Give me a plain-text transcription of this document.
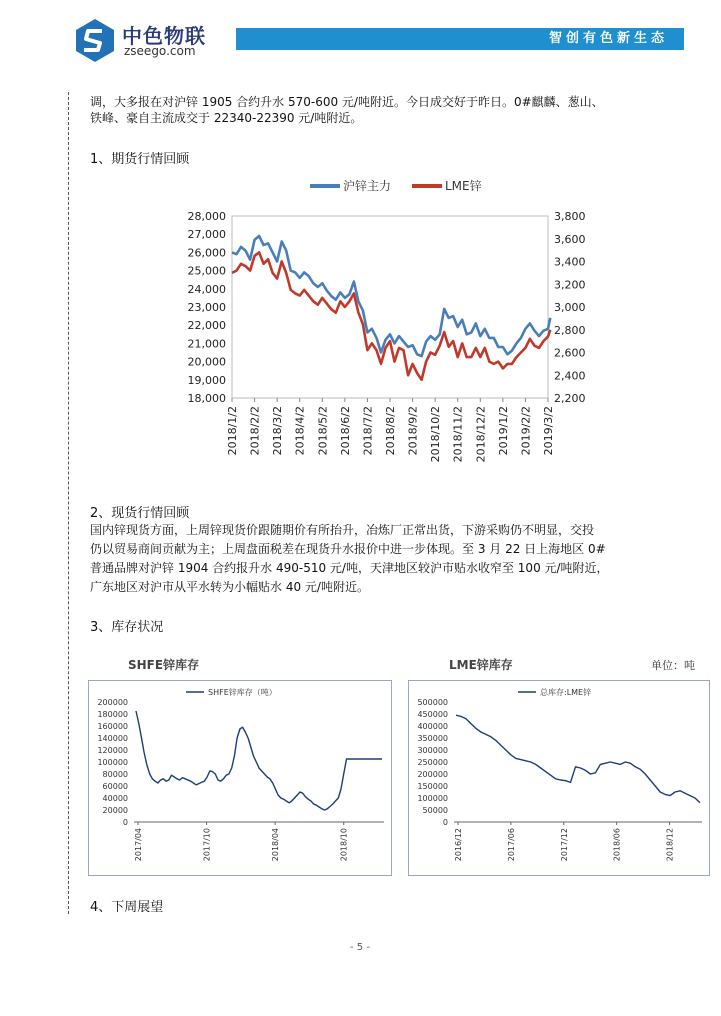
中色物联
zseego.com
智创有色新生态
调，大多报在对沪锌 1905 合约升水 570-600 元/吨附近。今日成交好于昨日。0#麒麟、葱山、
铁峰、豪自主流成交于 22340-22390 元/吨附近。
1、期货行情回顾
沪锌主力	LME锌
18,000
19,000
20,000
21,000
22,000
23,000
24,000
25,000
26,000
27,000
28,000
2,200
2,400
2,600
2,800
3,000
3,200
3,400
3,600
3,800
2018/1/2 2018/2/2 2018/3/2 2018/4/2 2018/5/2 2018/6/2 2018/7/2 2018/8/2 2018/9/2 2018/10/2 2018/11/2 2018/12/2 2019/1/2 2019/2/2 2019/3/2
2、现货行情回顾
国内锌现货方面，上周锌现货价跟随期价有所抬升，冶炼厂正常出货，下游采购仍不明显，交投
仍以贸易商间贡献为主；上周盘面税差在现货升水报价中进一步体现。至 3 月 22 日上海地区 0#
普通品牌对沪锌 1904 合约报升水 490-510 元/吨，天津地区较沪市贴水收窄至 100 元/吨附近，
广东地区对沪市从平水转为小幅贴水 40 元/吨附近。
3、库存状况
SHFE锌库存	LME锌库存	单位：吨
SHFE锌库存（吨）
0
20000
40000
60000
80000
100000
120000
140000
160000
180000
200000
2017/04	2017/10	2018/04	2018/10
总库存:LME锌
0
50000
100000
150000
200000
250000
300000
350000
400000
450000
500000
2016/12	2017/06	2017/12	2018/06	2018/12
4、下周展望
- 5 -
